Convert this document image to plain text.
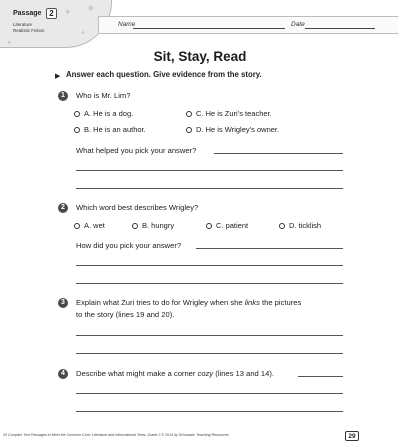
Passage 2
Literature
Realistic Fiction
✦ ✦
✦
✦
Name	Date
Sit, Stay, Read
▶ Answer each question. Give evidence from the story.
1	Who is Mr. Lim?
A. He is a dog.	C. He is Zuri’s teacher.
B. He is an author.	D. He is Wrigley’s owner.
What helped you pick your answer?
2	Which word best describes Wrigley?
A. wet	B. hungry	C. patient	D. ticklish
How did you pick your answer?
3	Explain what Zuri tries to do for Wrigley when she links the pictures
to the story (lines 19 and 20).
4	Describe what might make a corner cozy (lines 13 and 14).
25 Complex Text Passages to Meet the Common Core: Literature and Informational Texts, Grade 2 © 2014 by Scholastic Teaching Resources	29
